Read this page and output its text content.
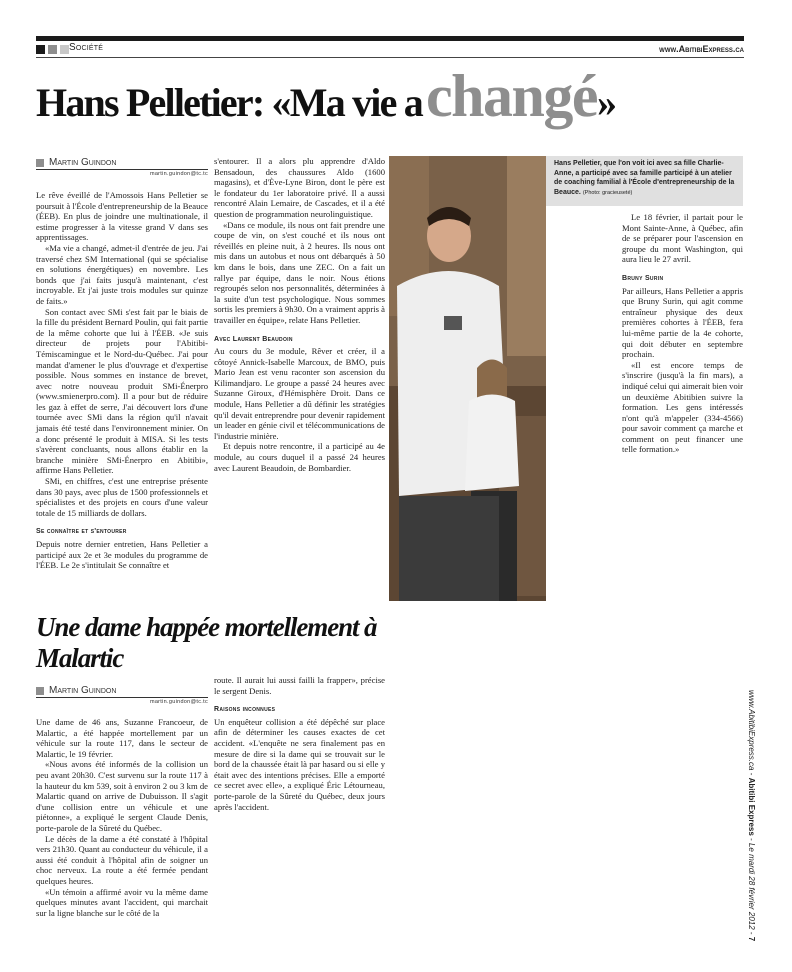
Société	www.AbitibiExpress.ca
Hans Pelletier: «Ma vie a changé»
Martin Guindon
martin.guindon@tc.tc

Le rêve éveillé de l'Amossois Hans Pelletier se poursuit à l'École d'entrepreneurship de la Beauce (ÉEB). En plus de joindre une multinationale, il estime progresser à la vitesse grand V dans ses apprentissages.

«Ma vie a changé, admet-il d'entrée de jeu. J'ai traversé chez SM International (qui se spécialise en solutions énergétiques) en novembre. Les bonds que j'ai faits jusqu'à maintenant, c'est incroyable. Et j'ai juste trois modules sur quinze de faits.»

Son contact avec SMi s'est fait par le biais de la fille du président Bernard Poulin, qui fait partie de la même cohorte que lui à l'ÉEB. «Je suis directeur de projets pour l'Abitibi-Témiscamingue et le Nord-du-Québec. J'ai pour mandat d'amener le plus d'ouvrage et d'expertise possible. Nous sommes en instance de brevet, avec notre nouveau produit SMi-Énerpro (www.smienerpro.com). Il a pour but de réduire les gaz à effet de serre, J'ai découvert lors d'une tournée avec SMi dans la région qu'il n'avait jamais été testé dans l'environnement minier. On a donc présenté le produit à MISA. Si les tests s'avèrent concluants, nous allons établir en la branche minière SMi-Énerpro en Abitibi», affirme Hans Pelletier.

SMi, en chiffres, c'est une entreprise présente dans 30 pays, avec plus de 1500 professionnels et spécialistes et des projets en cours d'une valeur totale de 15 milliards de dollars.

Se connaître et s'entourer

Depuis notre dernier entretien, Hans Pelletier a participé aux 2e et 3e modules du programme de l'ÉEB. Le 2e s'intitulait Se connaître et

s'entourer. Il a alors plu apprendre d'Aldo Bensadoun, des chaussures Aldo (1600 magasins), et d'Ève-Lyne Biron, dont le père est le fondateur du 1er laboratoire privé. Il a aussi rencontré Alain Lemaire, de Cascades, et il a été question de programmation neurolinguistique.

«Dans ce module, ils nous ont fait prendre une coupe de vin, on s'est couché et ils nous ont réveillés en pleine nuit, à 2 heures. Ils nous ont mis dans un autobus et nous ont débarqués à 50 km dans le bois, dans une ZEC. On a fait un rallye par équipe, dans le noir. Nous étions regroupés selon nos personnalités, déterminées à la suite d'un test psychologique. Nous sommes sortis les premiers à 9h30. On a vraiment appris à travailler en équipe», relate Hans Pelletier.

Avec Laurent Beaudoin

Au cours du 3e module, Rêver et créer, il a côtoyé Annick-Isabelle Marcoux, de BMO, puis Mario Jean est venu raconter son ascension du Kilimandjaro. Le groupe a passé 24 heures avec Suzanne Giroux, d'Hémisphère Droit. Dans ce module, Hans Pelletier a dû définir les stratégies qu'il devait entreprendre pour devenir rapidement un leader en génie civil et télécommunications de l'industrie minière.

Et depuis notre rencontre, il a participé au 4e module, au cours duquel il a passé 24 heures avec Laurent Beaudoin, de Bombardier.

Hans Pelletier, que l'on voit ici avec sa fille Charlie-Anne, a participé avec sa famille participé à un atelier de coaching familial à l'École d'entrepreneurship de la Beauce. (Photo: gracieuseté)

Le 18 février, il partait pour le Mont Sainte-Anne, à Québec, afin de se préparer pour l'ascension en groupe du mont Washington, qui aura lieu le 27 avril.

Bruny Surin

Par ailleurs, Hans Pelletier a appris que Bruny Surin, qui agit comme entraîneur physique des deux premières cohortes à l'ÉEB, fera lui-même partie de la 4e cohorte, qui doit débuter en septembre prochain.

«Il est encore temps de s'inscrire (jusqu'à la fin mars), a indiqué celui qui aimerait bien voir un deuxième Abitibien suivre la formation. Les gens intéressés n'ont qu'à m'appeler (334-4566) pour savoir comment ça marche et comment on peut financer une telle formation.»

Une dame happée mortellement à Malartic
Martin Guindon
martin.guindon@tc.tc

Une dame de 46 ans, Suzanne Francoeur, de Malartic, a été happée mortellement par un véhicule sur la route 117, dans le secteur de Malartic, le 19 février.

«Nous avons été informés de la collision un peu avant 20h30. C'est survenu sur la route 117 à la hauteur du km 539, soit à environ 2 ou 3 km de Malartic quand on arrive de Dubuisson. Il s'agit d'une collision entre un véhicule et une piétonne», a expliqué le sergent Claude Denis, porte-parole de la Sûreté du Québec.

Le décès de la dame a été constaté à l'hôpital vers 21h30. Quant au conducteur du véhicule, il a aussi été conduit à l'hôpital afin de soigner un choc nerveux. La route a été fermée pendant quelques heures.

«Un témoin a affirmé avoir vu la même dame quelques minutes avant l'accident, qui marchait sur la ligne blanche sur le côté de la

route. Il aurait lui aussi failli la frapper», précise le sergent Denis.

Raisons inconnues

Un enquêteur collision a été dépêché sur place afin de déterminer les causes exactes de cet accident. «L'enquête ne sera finalement pas en mesure de dire si la dame qui se trouvait sur le bord de la chaussée était là par hasard ou si elle y était avec des intentions précises. Elle a emporté ce secret avec elle», a expliqué Éric Létourneau, porte-parole de la Sûreté du Québec, deux jours après l'accident.

www.AbitibiExpress.ca - Abitibi Express - Le mardi 28 février 2012 - 7
